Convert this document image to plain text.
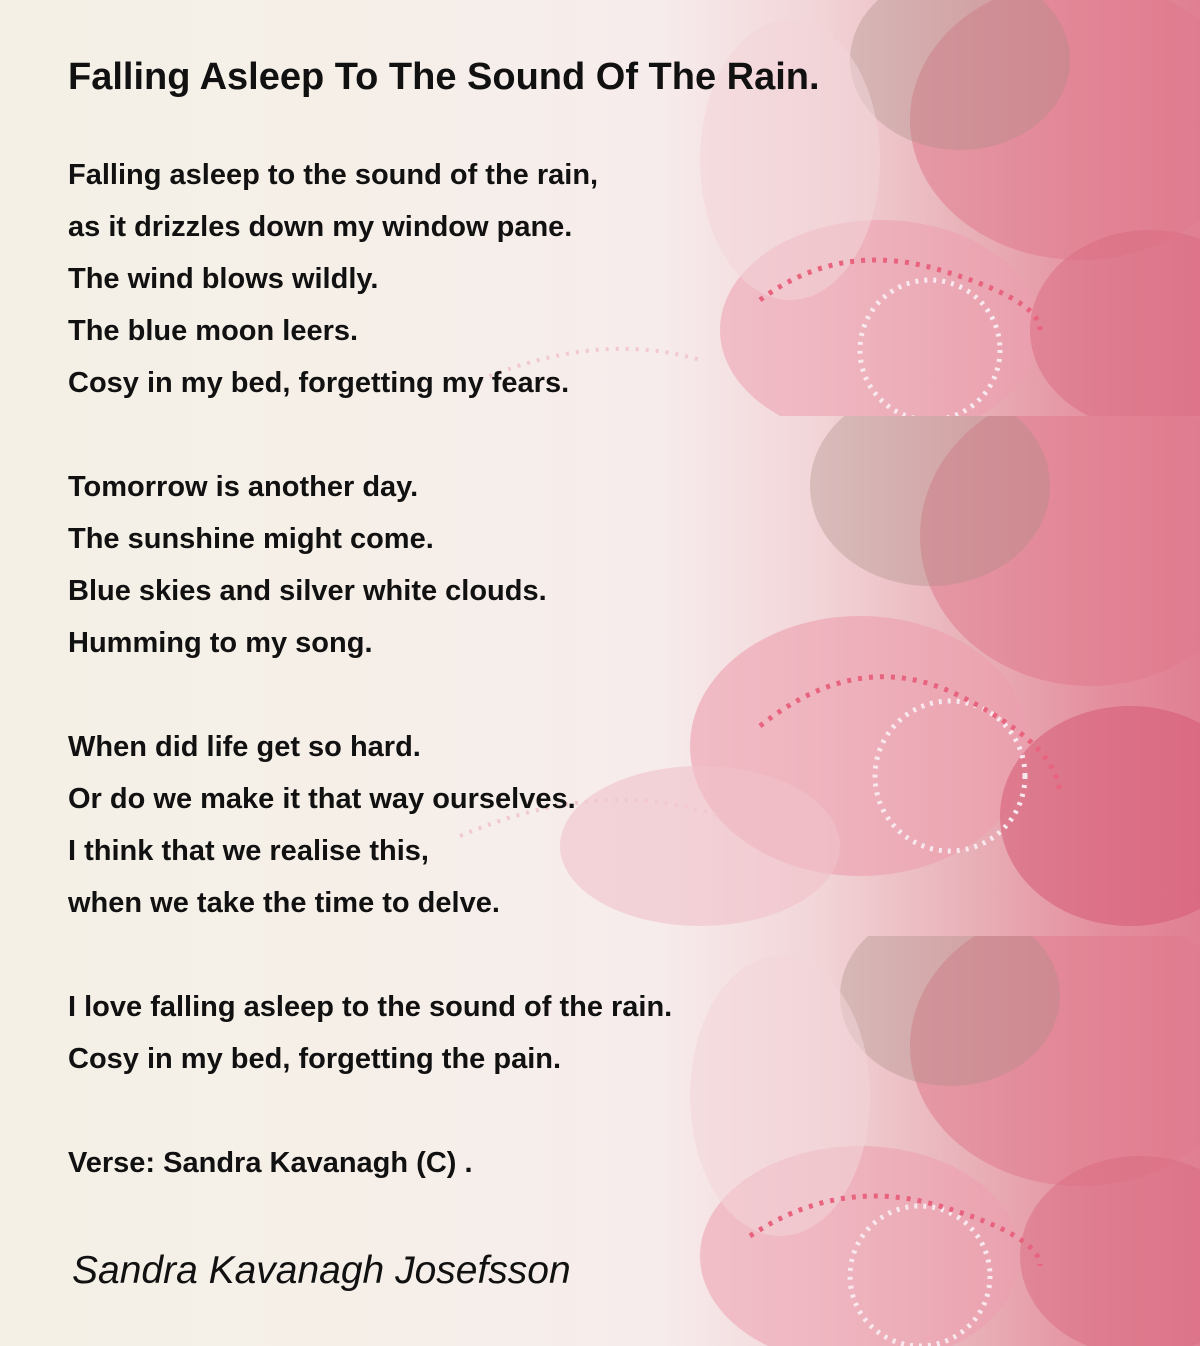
Falling Asleep To The Sound Of The Rain.
Falling asleep to the sound of the rain,
as it drizzles down my window pane.
The wind blows wildly.
The blue moon leers.
Cosy in my bed, forgetting my fears.
Tomorrow is another day.
The sunshine might come.
Blue skies and silver white clouds.
Humming to my song.
When did life get so hard.
Or do we make it that way ourselves.
I think that we realise this,
when we take the time to delve.
I love falling asleep to the sound of the rain.
Cosy in my bed, forgetting the pain.
Verse: Sandra Kavanagh (C) .
Sandra Kavanagh Josefsson
